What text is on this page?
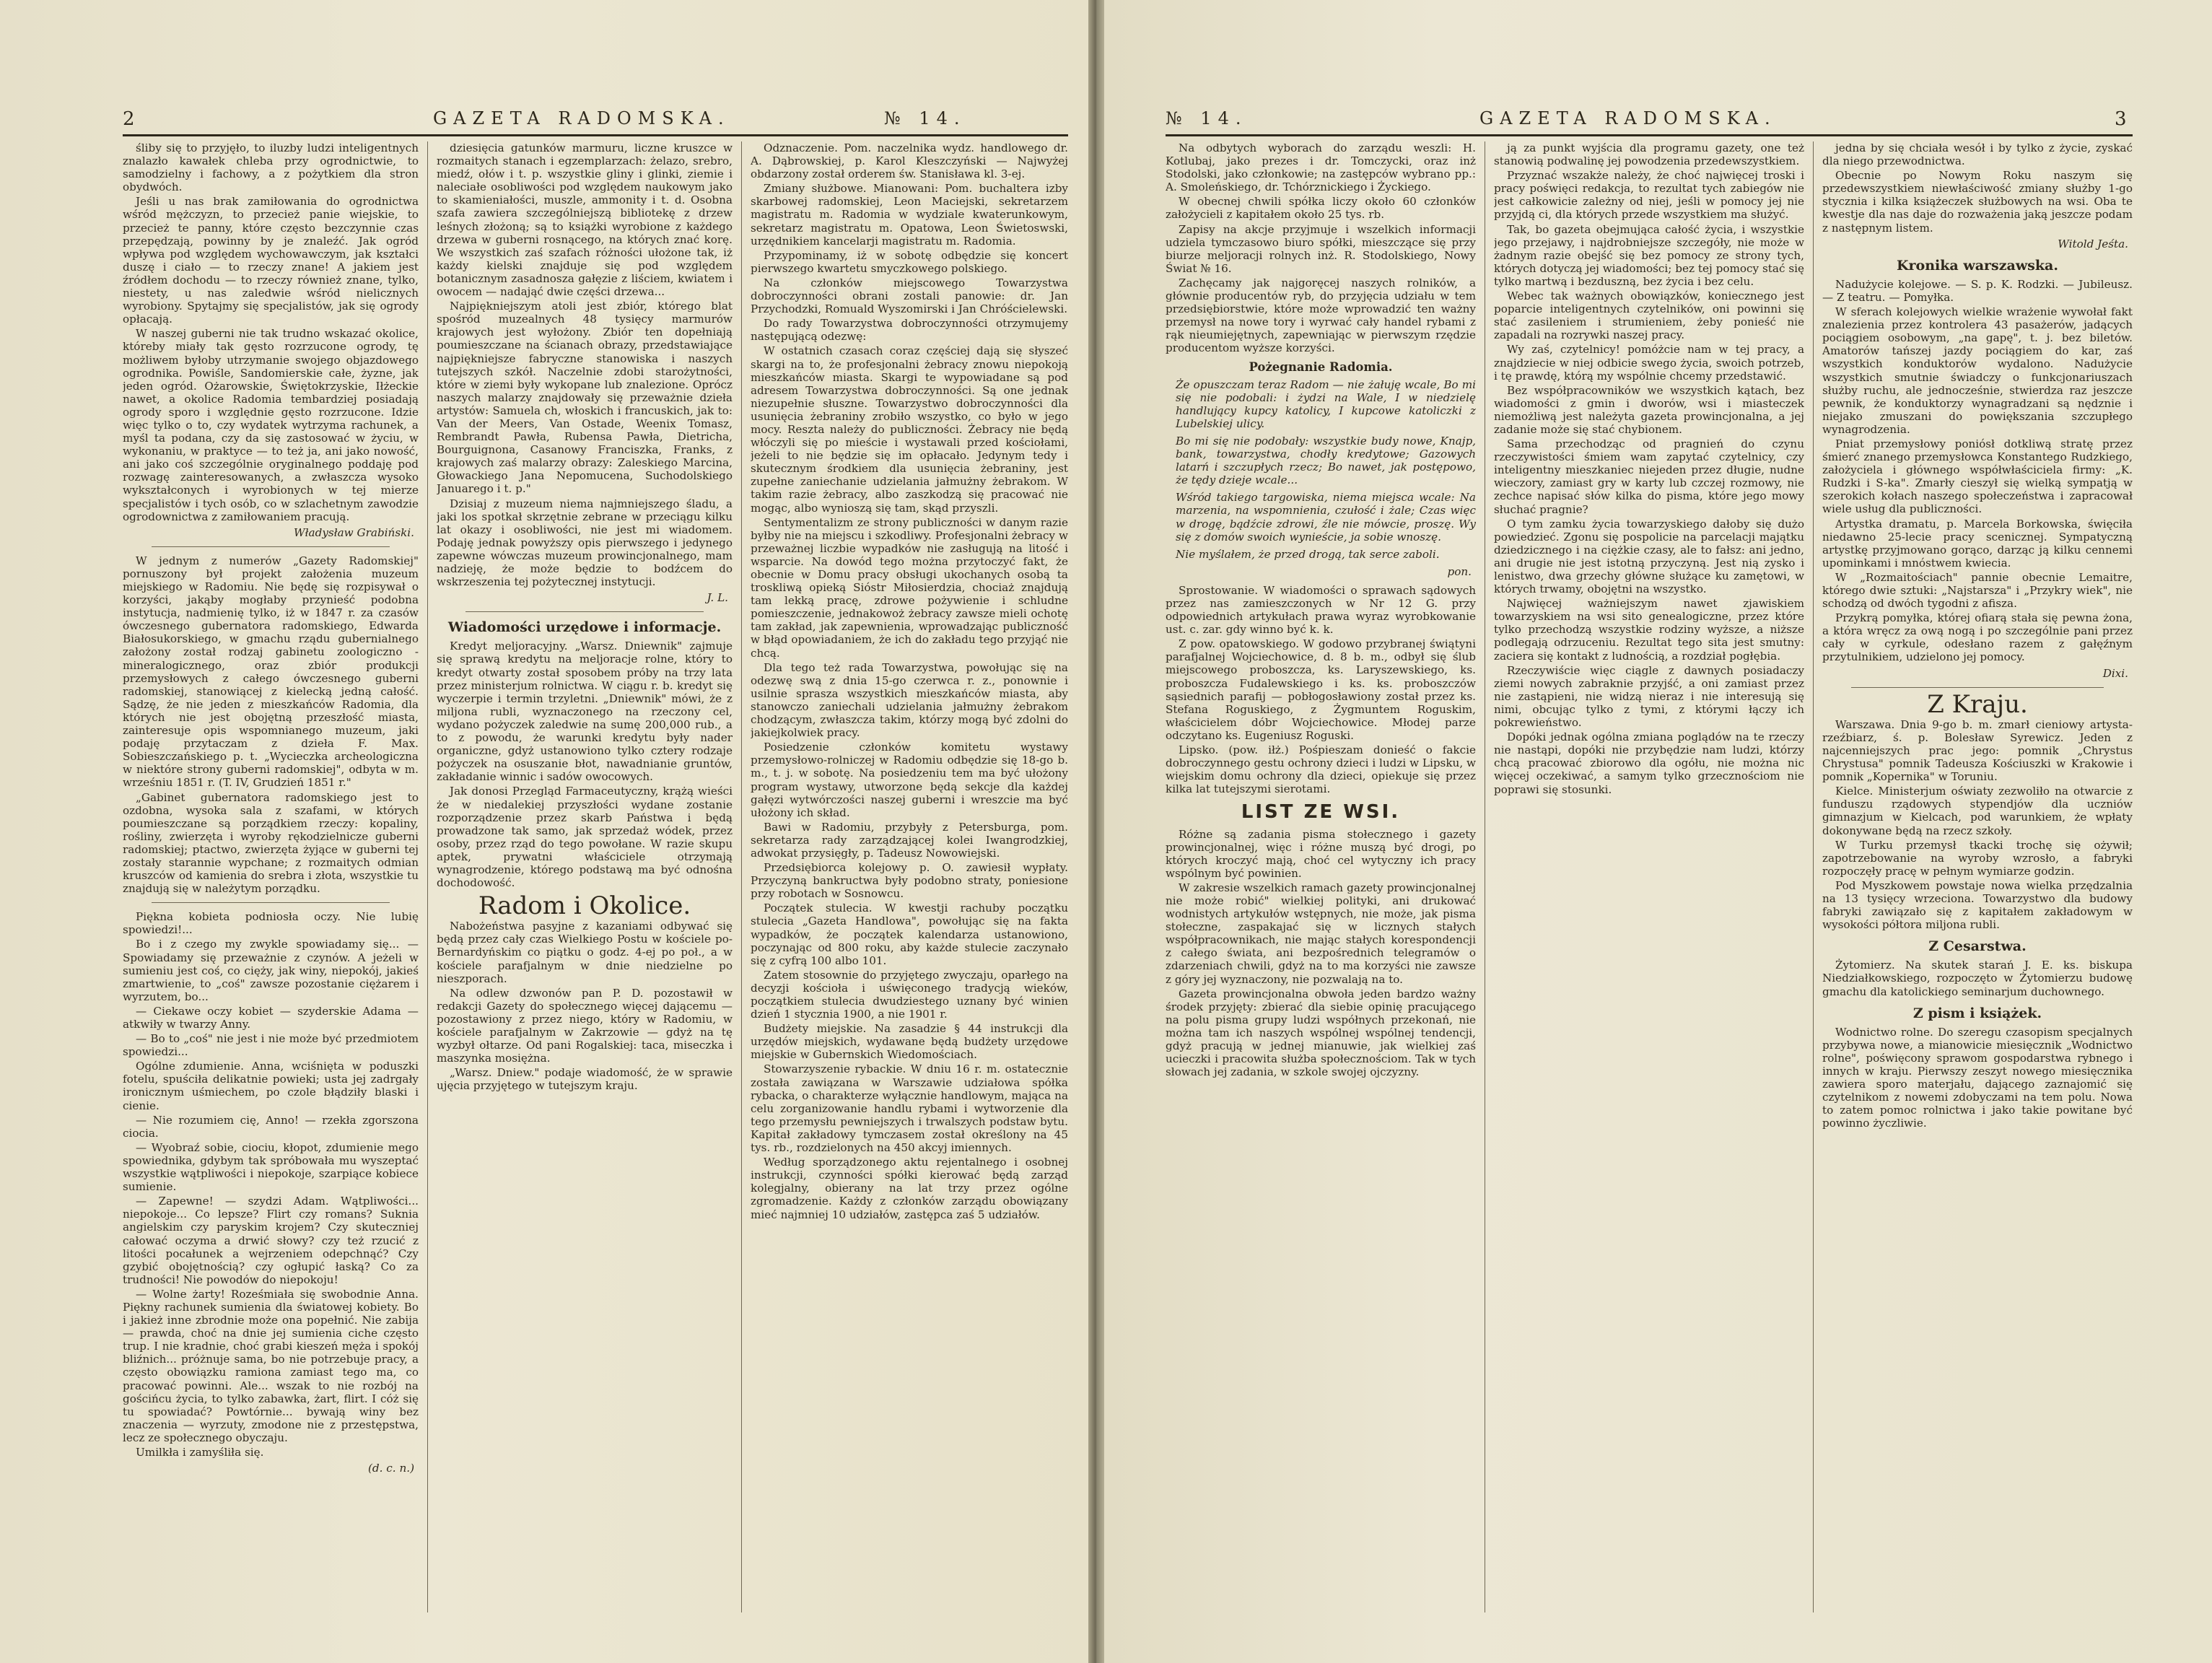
2	GAZETA RADOMSKA.	№ 14.

śliby się to przyjęło, to iluzby ludzi inteligentnych znalazło kawałek chleba przy ogrodnictwie, to samodzielny i fachowy, a z pożytkiem dla stron obydwóch.

Jeśli u nas brak zamiłowania do ogrodnictwa wśród mężczyzn, to przecież panie wiejskie, to przecież te panny, które często bezczynnie czas przepędzają, powinny by je znaleźć. Jak ogród wpływa pod względem wychowawczym, jak kształci duszę i ciało — to rzeczy znane! A jakiem jest źródłem dochodu — to rzeczy również znane, tylko, niestety, u nas zaledwie wśród nielicznych wyrobiony. Spytajmy się specjalistów, jak się ogrody opłacają.

W naszej guberni nie tak trudno wskazać okolice, któreby miały tak gęsto rozrzucone ogrody, tę możliwem byłoby utrzymanie swojego objazdowego ogrodnika. Powiśle, Sandomierskie całe, żyzne, jak jeden ogród. Ożarowskie, Świętokrzyskie, Iłżeckie nawet, a okolice Radomia tembardziej posiadają ogrody sporo i względnie gęsto rozrzucone. Idzie więc tylko o to, czy wydatek wytrzyma rachunek, a myśl ta podana, czy da się zastosować w życiu, w wykonaniu, w praktyce — to też ja, ani jako nowość, ani jako coś szczególnie oryginalnego poddaję pod rozwagę zainteresowanych, a zwłaszcza wysoko wykształconych i wyrobionych w tej mierze specjalistów i tych osób, co w szlachetnym zawodzie ogrodownictwa z zamiłowaniem pracują.

Władysław Grabiński.

W jednym z numerów „Gazety Radomskiej" pornuszony był projekt założenia muzeum miejskiego w Radomiu. Nie będę się rozpisywał o korzyści, jakąby mogłaby przynieść podobna instytucja, nadmienię tylko, iż w 1847 r. za czasów ówczesnego gubernatora radomskiego, Edwarda Białosukorskiego, w gmachu rządu gubernialnego założony został rodzaj gabinetu zoologiczno - mineralogicznego, oraz zbiór produkcji przemysłowych z całego ówczesnego guberni radomskiej, stanowiącej z kielecką jedną całość. Sądzę, że nie jeden z mieszkańców Radomia, dla których nie jest obojętną przeszłość miasta, zainteresuje opis wspomnianego muzeum, jaki podaję przytaczam z dzieła F. Max. Sobieszczańskiego p. t. „Wycieczka archeologiczna w niektóre strony guberni radomskiej", odbyta w m. wrześniu 1851 r. (T. IV, Grudzień 1851 r."

„Gabinet gubernatora radomskiego jest to ozdobna, wysoka sala z szafami, w których poumieszczane są porządkiem rzeczy: kopaliny, rośliny, zwierzęta i wyroby rękodzielnicze guberni radomskiej; ptactwo, zwierzęta żyjące w guberni tej zostały starannie wypchane; z rozmaitych odmian kruszców od kamienia do srebra i złota, wszystkie tu znajdują się w należytym porządku.

Piękna kobieta podniosła oczy. Nie lubię spowiedzi!...

Bo i z czego my zwykle spowiadamy się... — Spowiadamy się przeważnie z czynów. A jeżeli w sumieniu jest coś, co cięży, jak winy, niepokój, jakieś zmartwienie, to „coś" zawsze pozostanie ciężarem i wyrzutem, bo...

— Ciekawe oczy kobiet — szyderskie Adama — atkwiły w twarzy Anny.

— Bo to „coś" nie jest i nie może być przedmiotem spowiedzi...

Ogólne zdumienie. Anna, wciśnięta w poduszki fotelu, spuściła delikatnie powieki; usta jej zadrgały ironicznym uśmiechem, po czole błądziły blaski i cienie.

— Nie rozumiem cię, Anno! — rzekła zgorszona ciocia.

— Wyobraź sobie, ciociu, kłopot, zdumienie mego spowiednika, gdybym tak spróbowała mu wyszeptać wszystkie wątpliwości i niepokoje, szarpiące kobiece sumienie.

— Zapewne! — szydzi Adam. Wątpliwości... niepokoje... Co lepsze? Flirt czy romans? Suknia angielskim czy paryskim krojem? Czy skuteczniej całować oczyma a drwić słowy? czy też rzucić z litości pocałunek a wejrzeniem odepchnąć? Czy gzybić obojętnością? czy ogłupić łaską? Co za trudności! Nie powodów do niepokoju!

— Wolne żarty! Roześmiała się swobodnie Anna. Piękny rachunek sumienia dla światowej kobiety. Bo i jakież inne zbrodnie może ona popełnić. Nie zabija — prawda, choć na dnie jej sumienia ciche często trup. I nie kradnie, choć grabi kieszeń męża i spokój bliźnich... próżnuje sama, bo nie potrzebuje pracy, a często obowiązku ramiona zamiast tego ma, co pracować powinni. Ale... wszak to nie rozbój na gościńcu życia, to tylko zabawka, żart, flirt. I cóż się tu spowiadać? Powtórnie... bywają winy bez znaczenia — wyrzuty, zmodone nie z przestępstwa, lecz ze społecznego obyczaju.

Umilkła i zamyśliła się.

(d. c. n.)

dziesięcia gatunków marmuru, liczne kruszce w rozmaitych stanach i egzemplarzach: żelazo, srebro, miedź, ołów i t. p. wszystkie gliny i glinki, ziemie i naleciałe osobliwości pod względem naukowym jako to skamieniałości, muszle, ammonity i t. d. Osobna szafa zawiera szczególniejszą bibliotekę z drzew leśnych złożoną; są to książki wyrobione z każdego drzewa w guberni rosnącego, na których znać korę. We wszystkich zaś szafach różności ułożone tak, iż każdy kielski znajduje się pod względem botanicznym zasadnosza gałęzie z liściem, kwiatem i owocem — nadająć dwie części drzewa...

Najpiękniejszym atoli jest zbiór, którego blat spośród muzealnych 48 tysięcy marmurów krajowych jest wyłożony. Zbiór ten dopełniają poumieszczane na ścianach obrazy, przedstawiające najpiękniejsze fabryczne stanowiska i naszych tutejszych szkół. Naczelnie zdobi starożytności, które w ziemi były wykopane lub znalezione. Oprócz naszych malarzy znajdowały się przeważnie dzieła artystów: Samuela ch, włoskich i francuskich, jak to: Van der Meers, Van Ostade, Weenix Tomasz, Rembrandt Pawła, Rubensa Pawła, Dietricha, Bourguignona, Casanowy Franciszka, Franks, z krajowych zaś malarzy obrazy: Zaleskiego Marcina, Głowackiego Jana Nepomucena, Suchodolskiego Januarego i t. p."

Dzisiaj z muzeum niema najmniejszego śladu, a jaki los spotkał skrzętnie zebrane w przeciągu kilku lat okazy i osobliwości, nie jest mi wiadomem. Podaję jednak powyższy opis pierwszego i jedynego zapewne wówczas muzeum prowincjonalnego, mam nadzieję, że może będzie to bodźcem do wskrzeszenia tej pożytecznej instytucji.

J. L.

Wiadomości urzędowe i informacje.

Kredyt meljoracyjny. „Warsz. Dniewnik" zajmuje się sprawą kredytu na meljoracje rolne, który to kredyt otwarty został sposobem próby na trzy lata przez ministerjum rolnictwa. W ciągu r. b. kredyt się wyczerpie i termin trzyletni. „Dniewnik" mówi, że z miljona rubli, wyznaczonego na rzeczony cel, wydano pożyczek zaledwie na sumę 200,000 rub., a to z powodu, że warunki kredytu były nader organiczne, gdyż ustanowiono tylko cztery rodzaje pożyczek na osuszanie błot, nawadnianie gruntów, zakładanie winnic i sadów owocowych.

Jak donosi Przegląd Farmaceutyczny, krążą wieści że w niedalekiej przyszłości wydane zostanie rozporządzenie przez skarb Państwa i będą prowadzone tak samo, jak sprzedaż wódek, przez osoby, przez rząd do tego powołane. W razie skupu aptek, prywatni właściciele otrzymają wynagrodzenie, którego podstawą ma być odnośna dochodowość.

Radom i Okolice.

Nabożeństwa pasyjne z kazaniami odbywać się będą przez cały czas Wielkiego Postu w kościele po-Bernardyńskim co piątku o godz. 4-ej po poł., a w kościele parafjalnym w dnie niedzielne po nieszporach.

Na odlew dzwonów pan P. D. pozostawił w redakcji Gazety do społecznego więcej dającemu — pozostawiony z przez niego, który w Radomiu, w kościele parafjalnym w Zakrzowie — gdyż na tę wyzbył ołtarze. Od pani Rogalskiej: taca, miseczka i maszynka mosiężna.

„Warsz. Dniew." podaje wiadomość, że w sprawie ujęcia przyjętego w tutejszym kraju.

Odznaczenie. Pom. naczelnika wydz. handlowego dr. A. Dąbrowskiej, p. Karol Kleszczyński — Najwyżej obdarzony został orderem św. Stanisława kl. 3-ej.

Zmiany służbowe. Mianowani: Pom. buchaltera izby skarbowej radomskiej, Leon Maciejski, sekretarzem magistratu m. Radomia w wydziale kwaterunkowym, sekretarz magistratu m. Opatowa, Leon Świetoswski, urzędnikiem kancelarji magistratu m. Radomia.

Przypominamy, iż w sobotę odbędzie się koncert pierwszego kwartetu smyczkowego polskiego.

Na członków miejscowego Towarzystwa dobroczynności obrani zostali panowie: dr. Jan Przychodzki, Romuald Wyszomirski i Jan Chróścielewski.

Do rady Towarzystwa dobroczynności otrzymujemy następującą odezwę:

W ostatnich czasach coraz częściej dają się słyszeć skargi na to, że profesjonalni żebracy znowu niepokoją mieszkańców miasta. Skargi te wypowiadane są pod adresem Towarzystwa dobroczynności. Są one jednak niezupełnie słuszne. Towarzystwo dobroczynności dla usunięcia żebraniny zrobiło wszystko, co było w jego mocy. Reszta należy do publiczności. Żebracy nie będą włóczyli się po mieście i wystawali przed kościołami, jeżeli to nie będzie się im opłacało. Jedynym tedy i skutecznym środkiem dla usunięcia żebraniny, jest zupełne zaniechanie udzielania jałmużny żebrakom. W takim razie żebracy, albo zaszkodzą się pracować nie mogąc, albo wynioszą się tam, skąd przyszli.

Sentymentalizm ze strony publiczności w danym razie byłby nie na miejscu i szkodliwy. Profesjonalni żebracy w przeważnej liczbie wypadków nie zasługują na litość i wsparcie. Na dowód tego można przytoczyć fakt, że obecnie w Domu pracy obsługi ukochanych osobą ta troskliwą opieką Sióstr Miłosierdzia, chociaż znajdują tam lekką pracę, zdrowe pożywienie i schludne pomieszczenie, jednakowoż żebracy zawsze mieli ochotę tam zakład, jak zapewnienia, wprowadzając publiczność w błąd opowiadaniem, że ich do zakładu tego przyjąć nie chcą.

Dla tego też rada Towarzystwa, powołując się na odezwę swą z dnia 15-go czerwca r. z., ponownie i usilnie sprasza wszystkich mieszkańców miasta, aby stanowczo zaniechali udzielania jałmużny żebrakom chodzącym, zwłaszcza takim, którzy mogą być zdolni do jakiejkolwiek pracy.

Posiedzenie członków komitetu wystawy przemysłowo-rolniczej w Radomiu odbędzie się 18-go b. m., t. j. w sobotę. Na posiedzeniu tem ma być ułożony program wystawy, utworzone będą sekcje dla każdej gałęzi wytwórczości naszej guberni i wreszcie ma być ułożony ich skład.

Bawi w Radomiu, przybyły z Petersburga, pom. sekretarza rady zarządzającej kolei Iwangrodzkiej, adwokat przysięgły, p. Tadeusz Nowowiejski.

Przedsiębiorca kolejowy p. O. zawiesił wypłaty. Przyczyną bankructwa były podobno straty, poniesione przy robotach w Sosnowcu.

Początek stulecia. W kwestji rachuby początku stulecia „Gazeta Handlowa", powołując się na fakta wypadków, że początek kalendarza ustanowiono, poczynając od 800 roku, aby każde stulecie zaczynało się z cyfrą 100 albo 101.

Zatem stosownie do przyjętego zwyczaju, oparłego na decyzji kościoła i uświęconego tradycją wieków, początkiem stulecia dwudziestego uznany być winien dzień 1 stycznia 1900, a nie 1901 r.

Budżety miejskie. Na zasadzie § 44 instrukcji dla urzędów miejskich, wydawane będą budżety urzędowe miejskie w Gubernskich Wiedomościach.

Stowarzyszenie rybackie. W dniu 16 r. m. ostatecznie została zawiązana w Warszawie udziałowa spółka rybacka, o charakterze wyłącznie handlowym, mająca na celu zorganizowanie handlu rybami i wytworzenie dla tego przemysłu pewniejszych i trwalszych podstaw bytu. Kapitał zakładowy tymczasem został określony na 45 tys. rb., rozdzielonych na 450 akcyj imiennych.

Według sporządzonego aktu rejentalnego i osobnej instrukcji, czynności spółki kierować będą zarząd kolegjalny, obierany na lat trzy przez ogólne zgromadzenie. Każdy z członków zarządu obowiązany mieć najmniej 10 udziałów, zastępca zaś 5 udziałów.

№ 14.	GAZETA RADOMSKA.	3

Na odbytych wyborach do zarządu weszli: H. Kotlubaj, jako prezes i dr. Tomczycki, oraz inż Stodolski, jako członkowie; na zastępców wybrano pp.: A. Smoleńskiego, dr. Tchórznickiego i Życkiego.

W obecnej chwili spółka liczy około 60 członków założycieli z kapitałem około 25 tys. rb.

Zapisy na akcje przyjmuje i wszelkich informacji udziela tymczasowo biuro spółki, mieszczące się przy biurze meljoracji rolnych inż. R. Stodolskiego, Nowy Świat № 16.

Zachęcamy jak najgoręcej naszych rolników, a głównie producentów ryb, do przyjęcia udziału w tem przedsiębiorstwie, które może wprowadzić ten ważny przemysł na nowe tory i wyrwać cały handel rybami z rąk nieumiejętnych, zapewniając w pierwszym rzędzie producentom wyższe korzyści.

Pożegnanie Radomia.

Że opuszczam teraz Radom — nie żałuję wcale, Bo mi się nie podobali: i żydzi na Wale, I w niedzielę handlujący kupcy katolicy, I kupcowe katoliczki z Lubelskiej ulicy.

Bo mi się nie podobały: wszystkie budy nowe, Knajp, bank, towarzystwa, chodły kredytowe; Gazowych latarń i szczupłych rzecz; Bo nawet, jak postępowo, że tędy dzieje wcale...

Wśród takiego targowiska, niema miejsca wcale: Na marzenia, na wspomnienia, czułość i żale; Czas więc w drogę, bądźcie zdrowi, źle nie mówcie, proszę. Wy się z domów swoich wynieście, ja sobie wnoszę.

Nie myślałem, że przed drogą, tak serce zaboli.

pon.

Sprostowanie. W wiadomości o sprawach sądowych przez nas zamieszczonych w Nr 12 G. przy odpowiednich artykułach prawa wyraz wyrobkowanie ust. c. zar. gdy winno być k. k.

Z pow. opatowskiego. W godowo przybranej świątyni parafjalnej Wojciechowice, d. 8 b. m., odbył się ślub miejscowego proboszcza, ks. Laryszewskiego, ks. proboszcza Fudalewskiego i ks. ks. proboszczów sąsiednich parafij — pobłogosławiony został przez ks. Stefana Roguskiego, z Żygmuntem Roguskim, właścicielem dóbr Wojciechowice. Młodej parze odczytano ks. Eugeniusz Roguski.

Lipsko. (pow. iłż.) Pośpieszam donieść o fakcie dobroczynnego gestu ochrony dzieci i ludzi w Lipsku, w wiejskim domu ochrony dla dzieci, opiekuje się przez kilka lat tutejszymi sierotami.

LIST ZE WSI.

Różne są zadania pisma stołecznego i gazety prowincjonalnej, więc i różne muszą być drogi, po których kroczyć mają, choć cel wytyczny ich pracy wspólnym być powinien.

W zakresie wszelkich ramach gazety prowincjonalnej nie może robić" wielkiej polityki, ani drukować wodnistych artykułów wstępnych, nie może, jak pisma stołeczne, zaspakajać się w licznych stałych współpracownikach, nie mając stałych korespondencji z całego świata, ani bezpośrednich telegramów o zdarzeniach chwili, gdyż na to ma korzyści nie zawsze z góry jej wyznaczony, nie pozwalają na to.

Gazeta prowincjonalna obwoła jeden bardzo ważny środek przyjęty: zbierać dla siebie opinię pracującego na polu pisma grupy ludzi współnych przekonań, nie można tam ich naszych wspólnej wspólnej tendencji, gdyż pracują w jednej mianuwie, jak wielkiej zaś ucieczki i pracowita służba społecznościom. Tak w tych słowach jej zadania, w szkole swojej ojczyzny.

ją za punkt wyjścia dla programu gazety, one też stanowią podwalinę jej powodzenia przedewszystkiem.

Przyznać wszakże należy, że choć najwięcej troski i pracy poświęci redakcja, to rezultat tych zabiegów nie jest całkowicie zależny od niej, jeśli w pomocy jej nie przyjdą ci, dla których przede wszystkiem ma służyć.

Tak, bo gazeta obejmująca całość życia, i wszystkie jego przejawy, i najdrobniejsze szczegóły, nie może w żadnym razie obejść się bez pomocy ze strony tych, których dotyczą jej wiadomości; bez tej pomocy stać się tylko martwą i bezduszną, bez życia i bez celu.

Webec tak ważnych obowiązków, koniecznego jest poparcie inteligentnych czytelników, oni powinni się stać zasileniem i strumieniem, żeby ponieść nie zapadali na rozrywki naszej pracy.

Wy zaś, czytelnicy! pomóżcie nam w tej pracy, a znajdziecie w niej odbicie swego życia, swoich potrzeb, i tę prawdę, którą my wspólnie chcemy przedstawić.

Bez współpracowników we wszystkich kątach, bez wiadomości z gmin i dworów, wsi i miasteczek niemożliwą jest należyta gazeta prowincjonalna, a jej zadanie może się stać chybionem.

Sama przechodząc od pragnień do czynu rzeczywistości śmiem wam zapytać czytelnicy, czy inteligentny mieszkaniec niejeden przez długie, nudne wieczory, zamiast gry w karty lub czczej rozmowy, nie zechce napisać słów kilka do pisma, które jego mowy słuchać pragnie?

O tym zamku życia towarzyskiego dałoby się dużo powiedzieć. Zgonu się pospolicie na parcelacji majątku dziedzicznego i na ciężkie czasy, ale to fałsz: ani jedno, ani drugie nie jest istotną przyczyną. Jest nią zysko i lenistwo, dwa grzechy główne służące ku zamętowi, w których trwamy, obojętni na wszystko.

Najwięcej ważniejszym nawet zjawiskiem towarzyskiem na wsi sito genealogiczne, przez które tylko przechodzą wszystkie rodziny wyższe, a niższe podlegają odrzuceniu. Rezultat tego sita jest smutny: zaciera się kontakt z ludnością, a rozdział pogłębia.

Rzeczywiście więc ciągle z dawnych posiadaczy ziemi nowych zabraknie przyjść, a oni zamiast przez nie zastąpieni, nie widzą nieraz i nie interesują się nimi, obcując tylko z tymi, z którymi łączy ich pokrewieństwo.

Dopóki jednak ogólna zmiana poglądów na te rzeczy nie nastąpi, dopóki nie przybędzie nam ludzi, którzy chcą pracować zbiorowo dla ogółu, nie można nic więcej oczekiwać, a samym tylko grzecznościom nie poprawi się stosunki.

jedna by się chciała wesół i by tylko z życie, zyskać dla niego przewodnictwa.

Obecnie po Nowym Roku naszym się przedewszystkiem niewłaściwość zmiany służby 1-go stycznia i kilka książeczek służbowych na wsi. Oba te kwestje dla nas daje do rozważenia jaką jeszcze podam z następnym listem.

Witold Jeśta.

Kronika warszawska.

Nadużycie kolejowe. — S. p. K. Rodzki. — Jubileusz. — Z teatru. — Pomyłka.

W sferach kolejowych wielkie wrażenie wywołał fakt znalezienia przez kontrolera 43 pasażerów, jadących pociągiem osobowym, „na gapę", t. j. bez biletów. Amatorów tańszej jazdy pociągiem do kar, zaś wszystkich konduktorów wydalono. Nadużycie wszystkich smutnie świadczy o funkcjonariuszach służby ruchu, ale jednocześnie, stwierdza raz jeszcze pewnik, że konduktorzy wynagradzani są nędznie i niejako zmuszani do powiększania szczupłego wynagrodzenia.

Pniat przemysłowy poniósł dotkliwą stratę przez śmierć znanego przemysłowca Konstantego Rudzkiego, założyciela i głównego współwłaściciela firmy: „K. Rudzki i S-ka". Zmarły cieszył się wielką sympatją w szerokich kołach naszego społeczeństwa i zapracował wiele usług dla publiczności.

Artystka dramatu, p. Marcela Borkowska, święciła niedawno 25-lecie pracy scenicznej. Sympatyczną artystkę przyjmowano gorąco, darząc ją kilku cennemi upominkami i mnóstwem kwiecia.

W „Rozmaitościach" pannie obecnie Lemaitre, którego dwie sztuki: „Najstarsza" i „Przykry wiek", nie schodzą od dwóch tygodni z afisza.

Przykrą pomyłka, której ofiarą stała się pewna żona, a która wręcz za ową nogą i po szczególnie pani przez cały w cyrkule, odesłano razem z gałęźnym przytulnikiem, udzielono jej pomocy.

Dixi.

Z Kraju.

Warszawa. Dnia 9-go b. m. zmarł cieniowy artysta-rzeźbiarz, ś. p. Bolesław Syrewicz. Jeden z najcenniejszych prac jego: pomnik „Chrystus Chrystusa" pomnik Tadeusza Kościuszki w Krakowie i pomnik „Kopernika" w Toruniu.

Kielce. Ministerjum oświaty zezwoliło na otwarcie z funduszu rządowych stypendjów dla uczniów gimnazjum w Kielcach, pod warunkiem, że wpłaty dokonywane będą na rzecz szkoły.

W Turku przemysł tkacki trochę się ożywił; zapotrzebowanie na wyroby wzrosło, a fabryki rozpoczęły pracę w pełnym wymiarze godzin.

Pod Myszkowem powstaje nowa wielka przędzalnia na 13 tysięcy wrzeciona. Towarzystwo dla budowy fabryki zawiązało się z kapitałem zakładowym w wysokości półtora miljona rubli.

Z Cesarstwa.

Żytomierz. Na skutek starań J. E. ks. biskupa Niedziałkowskiego, rozpoczęto w Żytomierzu budowę gmachu dla katolickiego seminarjum duchownego.

Z pism i książek.

Wodnictwo rolne. Do szeregu czasopism specjalnych przybywa nowe, a mianowicie miesięcznik „Wodnictwo rolne", poświęcony sprawom gospodarstwa rybnego i innych w kraju. Pierwszy zeszyt nowego miesięcznika zawiera sporo materjału, dającego zaznajomić się czytelnikom z nowemi zdobyczami na tem polu. Nowa to zatem pomoc rolnictwa i jako takie powitane być powinno życzliwie.
